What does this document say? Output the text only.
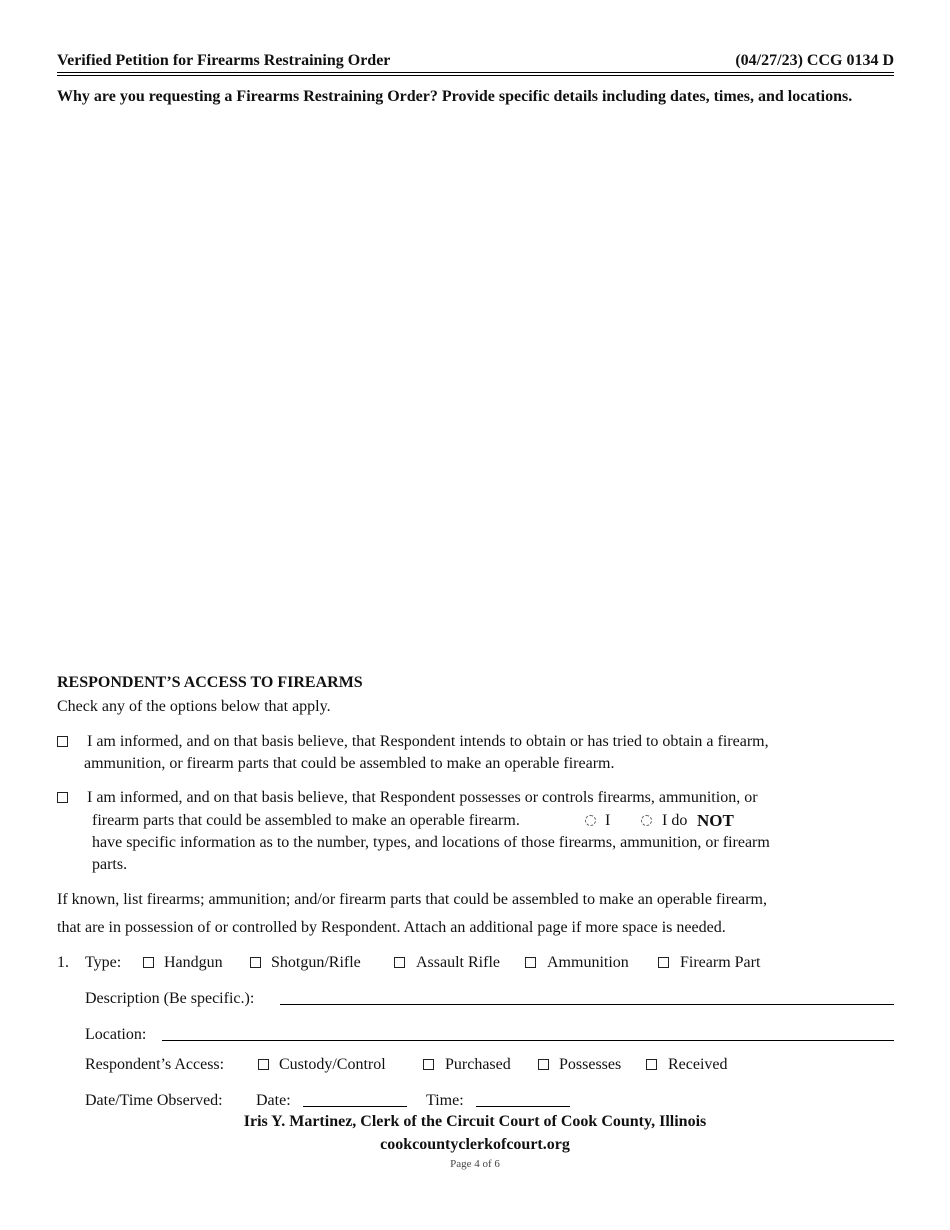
Verified Petition for Firearms Restraining Order	(04/27/23) CCG 0134 D
Why are you requesting a Firearms Restraining Order? Provide specific details including dates, times, and locations.
RESPONDENT’S ACCESS TO FIREARMS
Check any of the options below that apply.
I am informed, and on that basis believe, that Respondent intends to obtain or has tried to obtain a firearm,
ammunition, or firearm parts that could be assembled to make an operable firearm.
I am informed, and on that basis believe, that Respondent possesses or controls firearms, ammunition, or
firearm parts that could be assembled to make an operable firearm.	I	I do NOT
have specific information as to the number, types, and locations of those firearms, ammunition, or firearm
parts.
If known, list firearms; ammunition; and/or firearm parts that could be assembled to make an operable firearm,
that are in possession of or controlled by Respondent. Attach an additional page if more space is needed.
1. Type:	Handgun	Shotgun/Rifle	Assault Rifle	Ammunition	Firearm Part
Description (Be specific.):
Location:
Respondent’s Access:	Custody/Control	Purchased	Possesses	Received
Date/Time Observed: Date:	Time:
Iris Y. Martinez, Clerk of the Circuit Court of Cook County, Illinois
cookcountyclerkofcourt.org
Page 4 of 6
